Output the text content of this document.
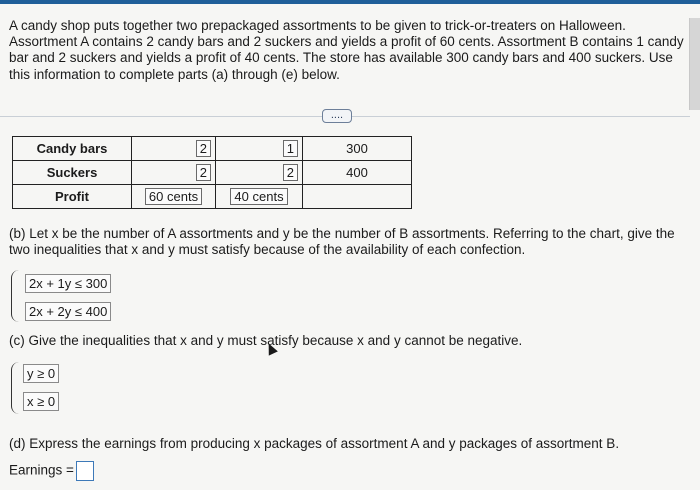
A candy shop puts together two prepackaged assortments to be given to trick-or-treaters on Halloween. Assortment A contains 2 candy bars and 2 suckers and yields a profit of 60 cents. Assortment B contains 1 candy bar and 2 suckers and yields a profit of 40 cents. The store has available 300 candy bars and 400 suckers. Use this information to complete parts (a) through (e) below.
....
Candy bars	2	1	300
Suckers	2	2	400
Profit	60 cents	40 cents	
(b) Let x be the number of A assortments and y be the number of B assortments. Referring to the chart, give the two inequalities that x and y must satisfy because of the availability of each confection.
2x + 1y ≤ 300
2x + 2y ≤ 400
(c) Give the inequalities that x and y must satisfy because x and y cannot be negative.
y ≥ 0
x ≥ 0
(d) Express the earnings from producing x packages of assortment A and y packages of assortment B.
Earnings =
